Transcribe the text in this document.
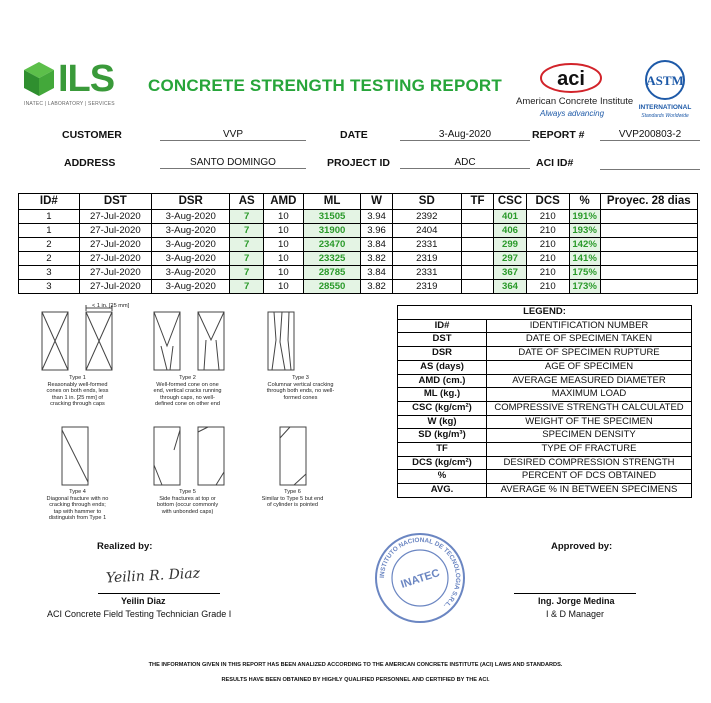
ILS
INATEC | LABORATORY | SERVICES
CONCRETE STRENGTH TESTING REPORT	aci
American Concrete Institute
Always advancing
ASTM
INTERNATIONAL
Standards Worldwide
CUSTOMER	VVP	DATE	3-Aug-2020	REPORT #	VVP200803-2
ADDRESS	SANTO DOMINGO	PROJECT ID	ADC	ACI ID#
ID#	DST	DSR	AS	AMD	ML	W	SD	TF	CSC	DCS	%	Proyec. 28 dias
1	27-Jul-2020	3-Aug-2020	7	10	31505	3.94	2392		401	210	191%	
1	27-Jul-2020	3-Aug-2020	7	10	31900	3.96	2404		406	210	193%	
2	27-Jul-2020	3-Aug-2020	7	10	23470	3.84	2331		299	210	142%	
2	27-Jul-2020	3-Aug-2020	7	10	23325	3.82	2319		297	210	141%	
3	27-Jul-2020	3-Aug-2020	7	10	28785	3.84	2331		367	210	175%	
3	27-Jul-2020	3-Aug-2020	7	10	28550	3.82	2319		364	210	173%	
< 1 in. [25 mm]
Type 1
Reasonably well-formed
cones on both ends, less
than 1 in. [25 mm] of
cracking through caps
Type 2
Well-formed cone on one
end, vertical cracks running
through caps, no well-
defined cone on other end
Type 3
Columnar vertical cracking
through both ends, no well-
formed cones
Type 4
Diagonal fracture with no
cracking through ends;
tap with hammer to
distinguish from Type 1
Type 5
Side fractures at top or
bottom (occur commonly
with unbonded caps)
Type 6
Similar to Type 5 but end
of cylinder is pointed
LEGEND:	
ID#	IDENTIFICATION NUMBER
DST	DATE OF SPECIMEN TAKEN
DSR	DATE OF SPECIMEN RUPTURE
AS (days)	AGE OF SPECIMEN
AMD (cm.)	AVERAGE MEASURED DIAMETER
ML (kg.)	MAXIMUM LOAD
CSC (kg/cm²)	COMPRESSIVE STRENGTH CALCULATED
W (kg)	WEIGHT OF THE SPECIMEN
SD (kg/m³)	SPECIMEN DENSITY
TF	TYPE OF FRACTURE
DCS (kg/cm²)	DESIRED COMPRESSION STRENGTH
%	PERCENT OF DCS OBTAINED
AVG.	AVERAGE % IN BETWEEN SPECIMENS
Realized by:
Yeilin R. Diaz
Yeilin Diaz
ACI Concrete Field Testing Technician Grade I
INSTITUTO NACIONAL DE TECNOLOGIA S.R.L.
INATEC
Approved by:
Ing. Jorge Medina
I & D Manager
THE INFORMATION GIVEN IN THIS REPORT HAS BEEN ANALIZED ACCORDING TO THE AMERICAN CONCRETE INSTITUTE (ACI) LAWS AND STANDARDS.
RESULTS HAVE BEEN OBTAINED BY HIGHLY QUALIFIED PERSONNEL AND CERTIFIED BY THE ACI.
